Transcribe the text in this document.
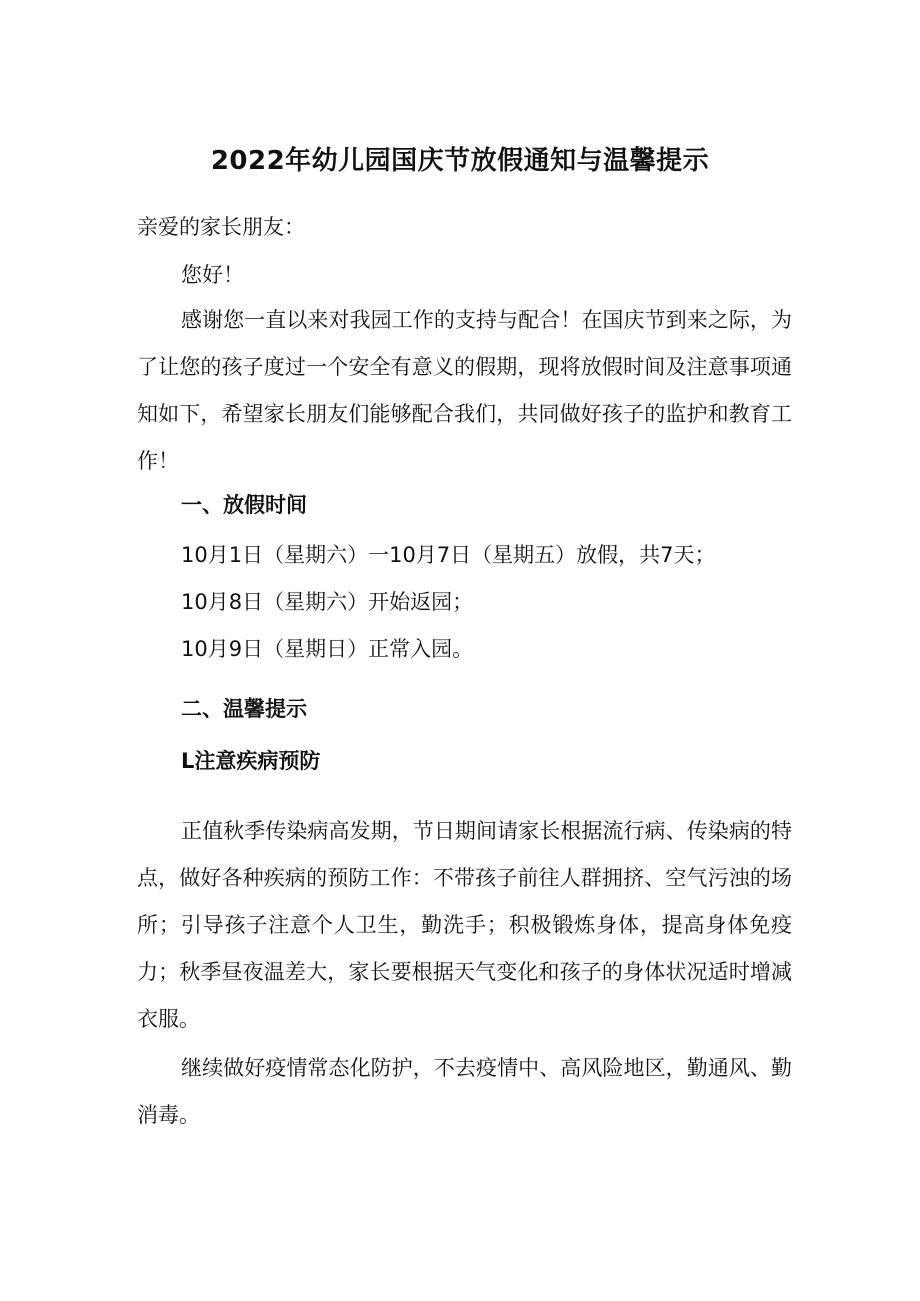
2022年幼儿园国庆节放假通知与温馨提示
亲爱的家长朋友：
您好！
感谢您一直以来对我园工作的支持与配合！在国庆节到来之际，为了让您的孩子度过一个安全有意义的假期，现将放假时间及注意事项通知如下，希望家长朋友们能够配合我们，共同做好孩子的监护和教育工作！
一、放假时间
10月1日（星期六）一10月7日（星期五）放假，共7天；
10月8日（星期六）开始返园；
10月9日（星期日）正常入园。
二、温馨提示
L注意疾病预防
正值秋季传染病高发期，节日期间请家长根据流行病、传染病的特点，做好各种疾病的预防工作：不带孩子前往人群拥挤、空气污浊的场所；引导孩子注意个人卫生，勤洗手；积极锻炼身体，提高身体免疫力；秋季昼夜温差大，家长要根据天气变化和孩子的身体状况适时增减衣服。
继续做好疫情常态化防护，不去疫情中、高风险地区，勤通风、勤消毒。
